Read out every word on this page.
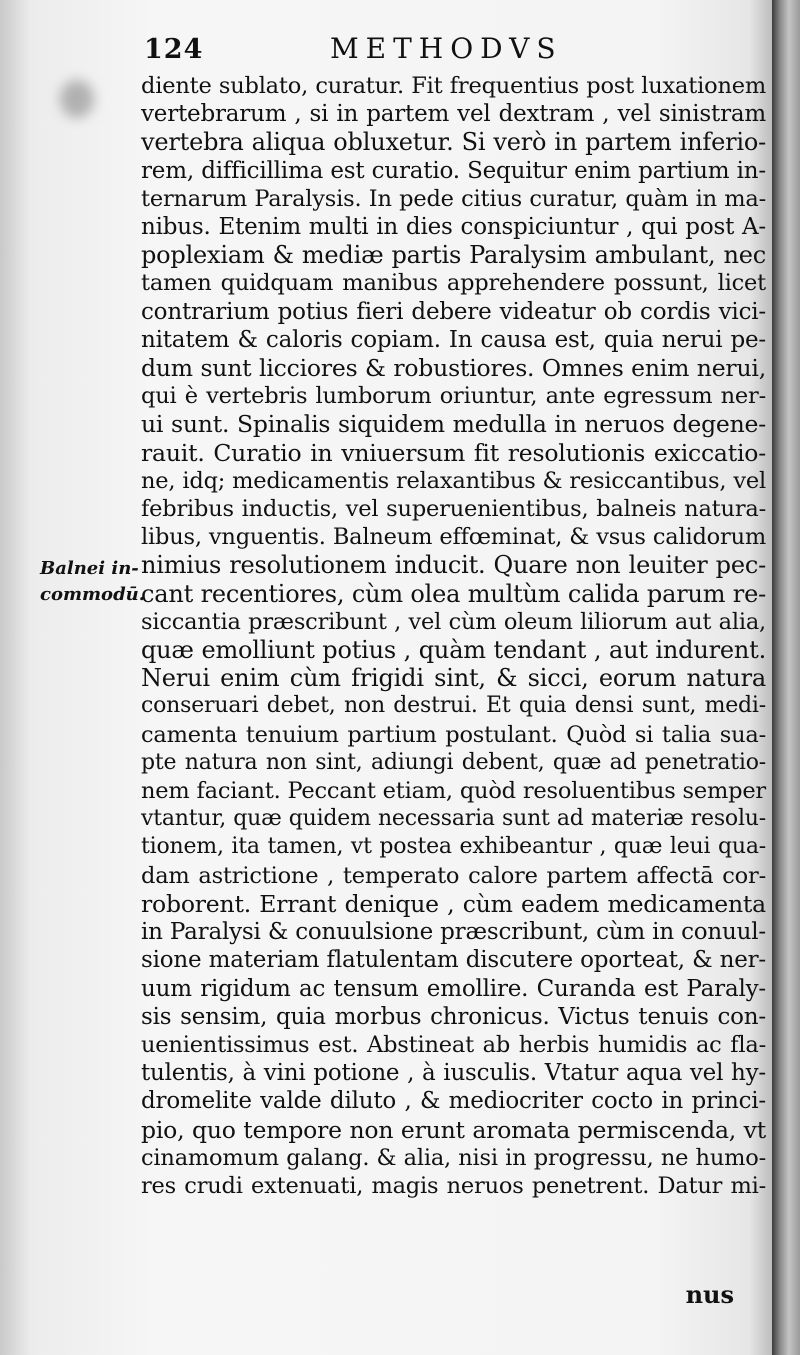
124	METHODVS
Balnei in-
commodū.
diente sublato, curatur. Fit frequentius post luxationem
vertebrarum , si in partem vel dextram , vel sinistram
vertebra aliqua obluxetur. Si verò in partem inferio-
rem, difficillima est curatio. Sequitur enim partium in-
ternarum Paralysis. In pede citius curatur, quàm in ma-
nibus. Etenim multi in dies conspiciuntur , qui post A-
poplexiam & mediæ partis Paralysim ambulant, nec
tamen quidquam manibus apprehendere possunt, licet
contrarium potius fieri debere videatur ob cordis vici-
nitatem & caloris copiam. In causa est, quia nerui pe-
dum sunt licciores & robustiores. Omnes enim nerui,
qui è vertebris lumborum oriuntur, ante egressum ner-
ui sunt. Spinalis siquidem medulla in neruos degene-
rauit. Curatio in vniuersum fit resolutionis exiccatio-
ne, idq; medicamentis relaxantibus & resiccantibus, vel
febribus inductis, vel superuenientibus, balneis natura-
libus, vnguentis. Balneum effœminat, & vsus calidorum
nimius resolutionem inducit. Quare non leuiter pec-
cant recentiores, cùm olea multùm calida parum re-
siccantia præscribunt , vel cùm oleum liliorum aut alia,
quæ emolliunt potius , quàm tendant , aut indurent.
Nerui enim cùm frigidi sint, & sicci, eorum natura
conseruari debet, non destrui. Et quia densi sunt, medi-
camenta tenuium partium postulant. Quòd si talia sua-
pte natura non sint, adiungi debent, quæ ad penetratio-
nem faciant. Peccant etiam, quòd resoluentibus semper
vtantur, quæ quidem necessaria sunt ad materiæ resolu-
tionem, ita tamen, vt postea exhibeantur , quæ leui qua-
dam astrictione , temperato calore partem affectā cor-
roborent. Errant denique , cùm eadem medicamenta
in Paralysi & conuulsione præscribunt, cùm in conuul-
sione materiam flatulentam discutere oporteat, & ner-
uum rigidum ac tensum emollire. Curanda est Paraly-
sis sensim, quia morbus chronicus. Victus tenuis con-
uenientissimus est. Abstineat ab herbis humidis ac fla-
tulentis, à vini potione , à iusculis. Vtatur aqua vel hy-
dromelite valde diluto , & mediocriter cocto in princi-
pio, quo tempore non erunt aromata permiscenda, vt
cinamomum galang. & alia, nisi in progressu, ne humo-
res crudi extenuati, magis neruos penetrent. Datur mi-
nus
